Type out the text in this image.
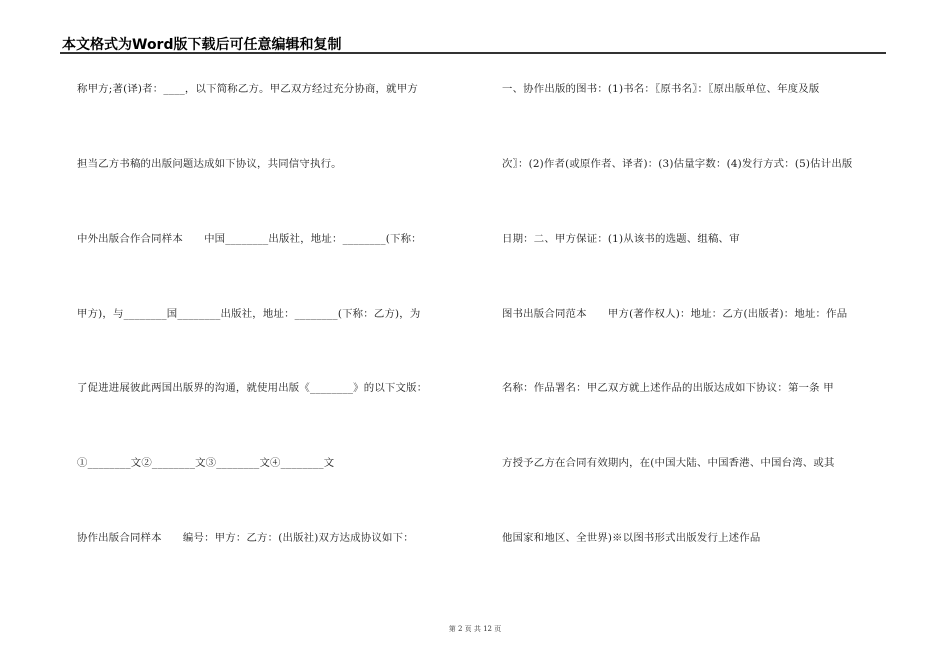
本文格式为Word版下载后可任意编辑和复制
称甲方;著(译)者：____，以下简称乙方。甲乙双方经过充分协商，就甲方
担当乙方书稿的出版问题达成如下协议，共同信守执行。
中外出版合作合同样本　　中国________出版社，地址：________(下称：
甲方)，与________国________出版社，地址：________(下称：乙方)，为
了促进进展彼此两国出版界的沟通，就使用出版《________》的以下文版：
①________文②________文③________文④________文
协作出版合同样本　　编号：甲方：乙方：(出版社)双方达成协议如下：
一、协作出版的图书：(1)书名：〖原书名〗：〖原出版单位、年度及版
次〗：(2)作者(或原作者、译者)：(3)估量字数：(4)发行方式：(5)估计出版
日期：二、甲方保证：(1)从该书的选题、组稿、审
图书出版合同范本　　甲方(著作权人)：地址：乙方(出版者)：地址：作品
名称：作品署名：甲乙双方就上述作品的出版达成如下协议：第一条 甲
方授予乙方在合同有效期内，在(中国大陆、中国香港、中国台湾、或其
他国家和地区、全世界)※以图书形式出版发行上述作品
第 2 页 共 12 页
